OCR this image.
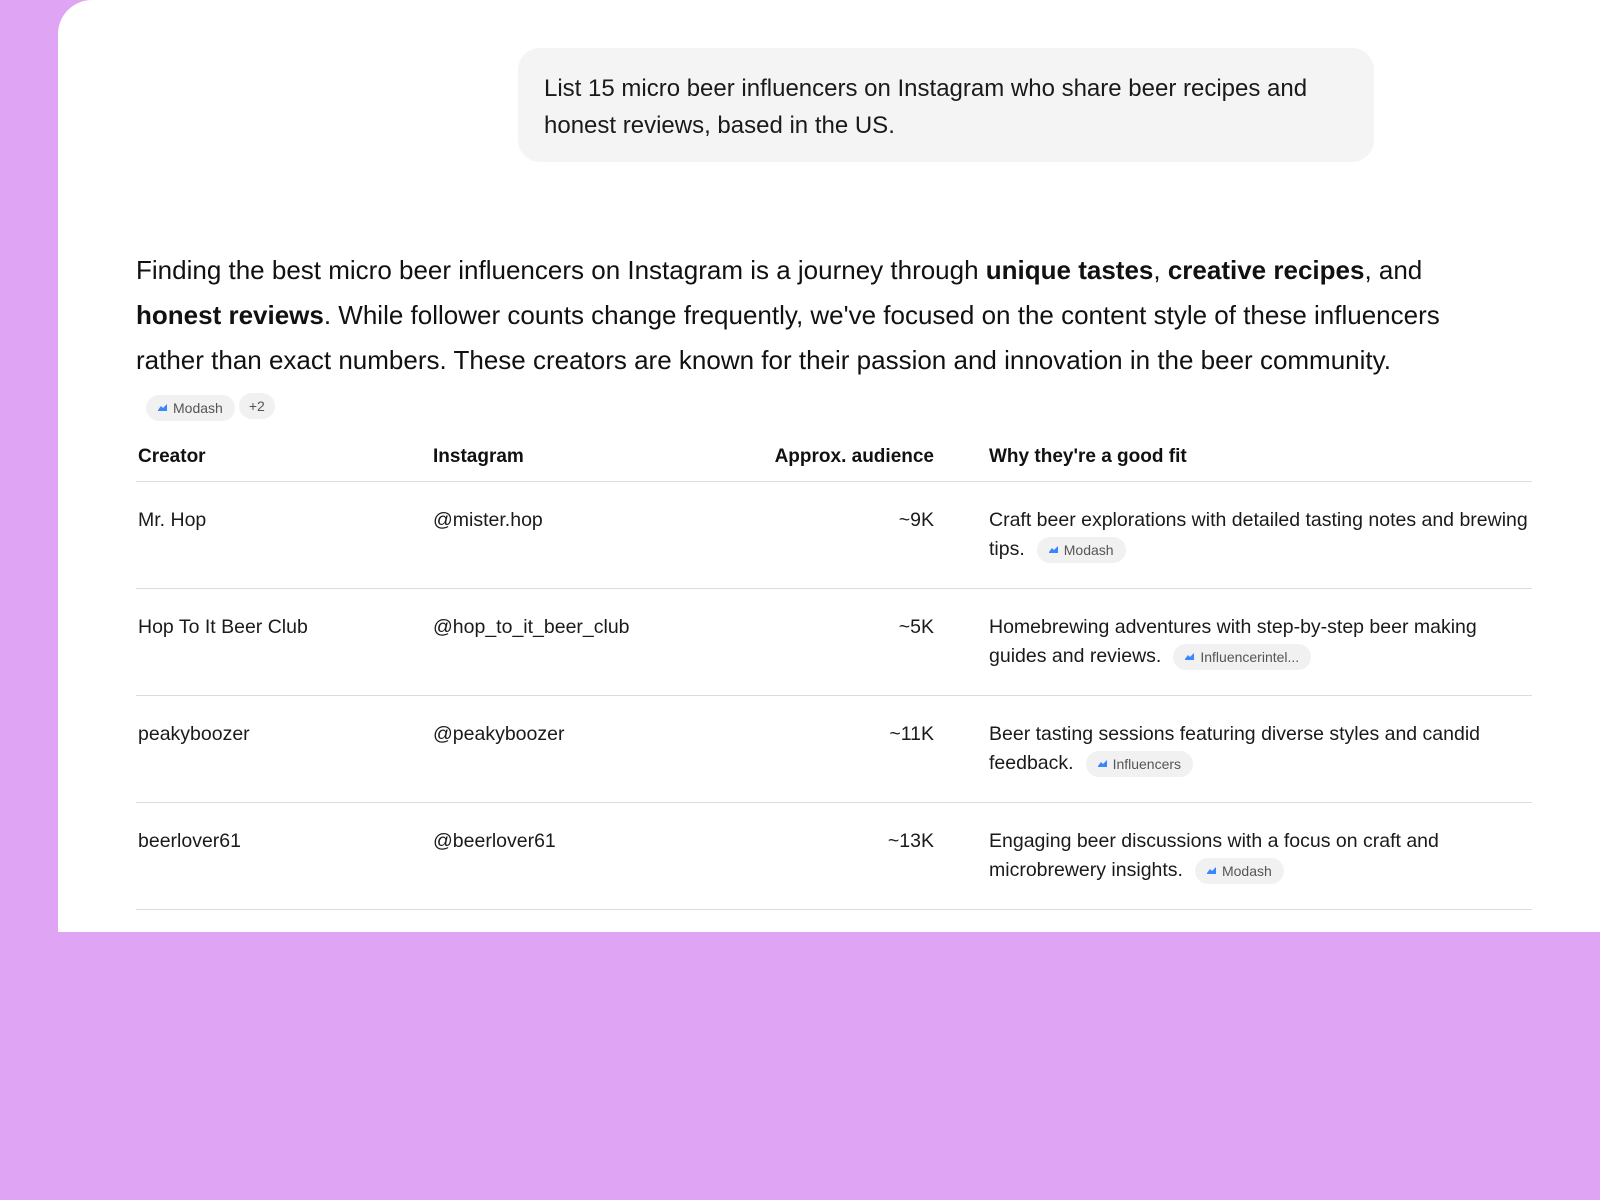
List 15 micro beer influencers on Instagram who share beer recipes and honest reviews, based in the US.
Finding the best micro beer influencers on Instagram is a journey through unique tastes, creative recipes, and honest reviews. While follower counts change frequently, we've focused on the content style of these influencers rather than exact numbers. These creators are known for their passion and innovation in the beer community.
Modash +2
Creator	Instagram	Approx. audience	Why they're a good fit
Mr. Hop	@mister.hop	~9K	Craft beer explorations with detailed tasting notes and brewing tips.	Modash
Hop To It Beer Club	@hop_to_it_beer_club	~5K	Homebrewing adventures with step-by-step beer making guides and reviews.	Influencerintel...
peakyboozer	@peakyboozer	~11K	Beer tasting sessions featuring diverse styles and candid feedback.	Influencers
beerlover61	@beerlover61	~13K	Engaging beer discussions with a focus on craft and microbrewery insights.	Modash
